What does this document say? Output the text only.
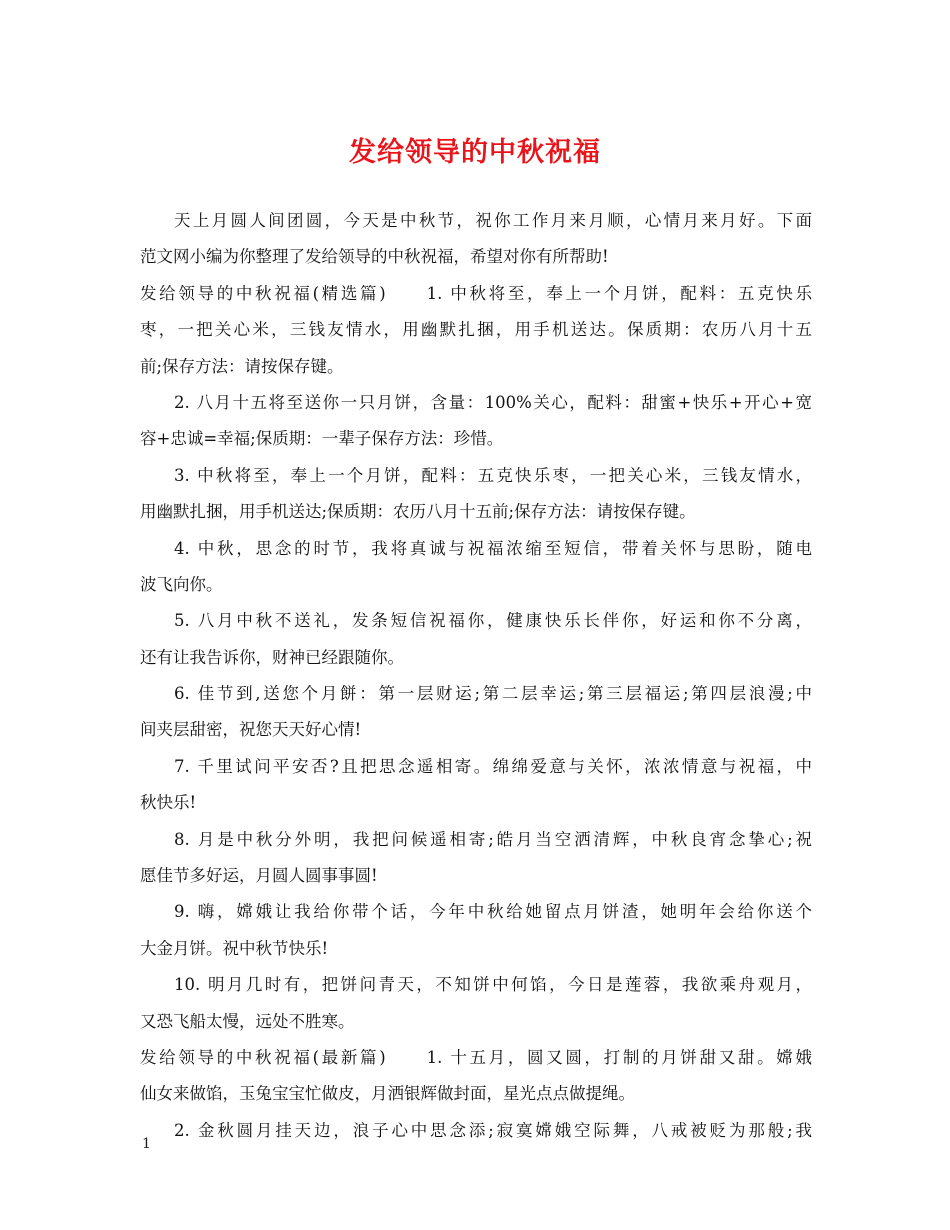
发给领导的中秋祝福
天上月圆人间团圆，今天是中秋节，祝你工作月来月顺，心情月来月好。下面
范文网小编为你整理了发给领导的中秋祝福，希望对你有所帮助!
发给领导的中秋祝福(精选篇)　　1. 中秋将至，奉上一个月饼，配料：五克快乐
枣，一把关心米，三钱友情水，用幽默扎捆，用手机送达。保质期：农历八月十五
前;保存方法：请按保存键。
2. 八月十五将至送你一只月饼，含量：100%关心，配料：甜蜜+快乐+开心+宽
容+忠诚=幸福;保质期：一辈子保存方法：珍惜。
3. 中秋将至，奉上一个月饼，配料：五克快乐枣，一把关心米，三钱友情水，
用幽默扎捆，用手机送达;保质期：农历八月十五前;保存方法：请按保存键。
4. 中秋，思念的时节，我将真诚与祝福浓缩至短信，带着关怀与思盼，随电
波飞向你。
5. 八月中秋不送礼，发条短信祝福你，健康快乐长伴你，好运和你不分离，
还有让我告诉你，财神已经跟随你。
6. 佳节到,送您个月餅：第一层财运;第二层幸运;第三层福运;第四层浪漫;中
间夹层甜密，祝您天天好心情!
7. 千里试问平安否?且把思念遥相寄。绵绵爱意与关怀，浓浓情意与祝福，中
秋快乐!
8. 月是中秋分外明，我把问候遥相寄;皓月当空洒清辉，中秋良宵念挚心;祝
愿佳节多好运，月圆人圆事事圆!
9. 嗨，嫦娥让我给你带个话，今年中秋给她留点月饼渣，她明年会给你送个
大金月饼。祝中秋节快乐!
10. 明月几时有，把饼问青天，不知饼中何馅，今日是莲蓉，我欲乘舟观月，
又恐飞船太慢，远处不胜寒。
发给领导的中秋祝福(最新篇)　　1. 十五月，圆又圆，打制的月饼甜又甜。嫦娥
仙女来做馅，玉兔宝宝忙做皮，月洒银辉做封面，星光点点做提绳。
2. 金秋圆月挂天边，浪子心中思念添;寂寞嫦娥空际舞，八戒被贬为那般;我
1
